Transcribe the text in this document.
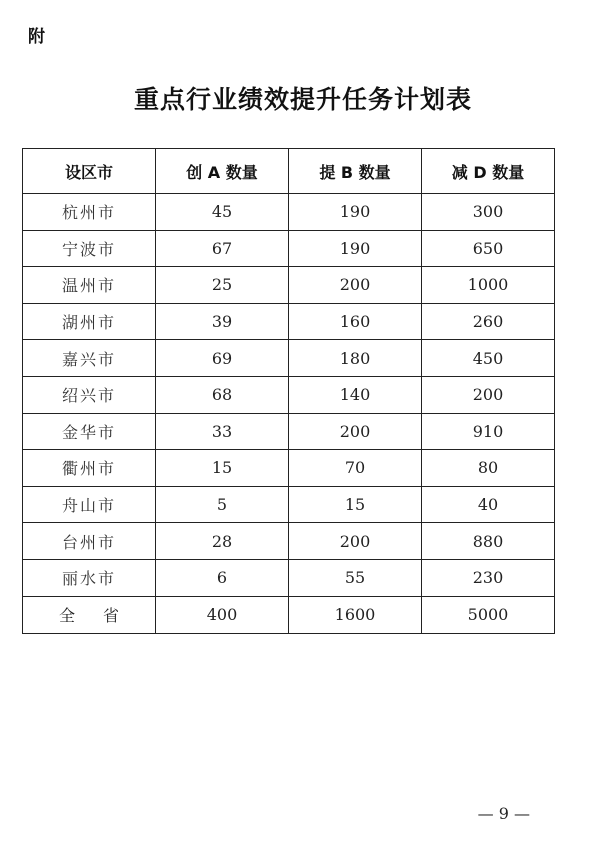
附
重点行业绩效提升任务计划表
设区市	创 A 数量	提 B 数量	减 D 数量
杭州市	45	190	300
宁波市	67	190	650
温州市	25	200	1000
湖州市	39	160	260
嘉兴市	69	180	450
绍兴市	68	140	200
金华市	33	200	910
衢州市	15	70	80
舟山市	5	15	40
台州市	28	200	880
丽水市	6	55	230
全省	400	1600	5000
— 9 —
